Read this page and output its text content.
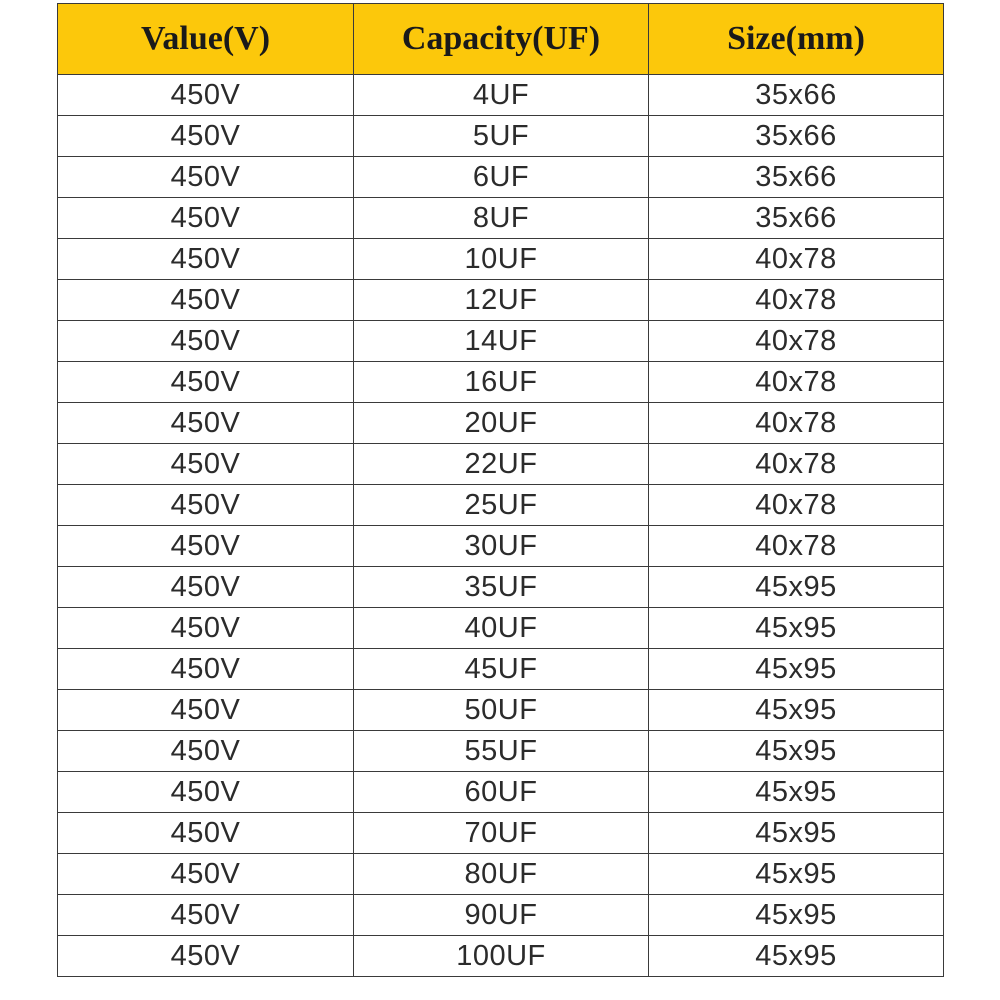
Value(V)	Capacity(UF)	Size(mm)
450V	4UF	35x66
450V	5UF	35x66
450V	6UF	35x66
450V	8UF	35x66
450V	10UF	40x78
450V	12UF	40x78
450V	14UF	40x78
450V	16UF	40x78
450V	20UF	40x78
450V	22UF	40x78
450V	25UF	40x78
450V	30UF	40x78
450V	35UF	45x95
450V	40UF	45x95
450V	45UF	45x95
450V	50UF	45x95
450V	55UF	45x95
450V	60UF	45x95
450V	70UF	45x95
450V	80UF	45x95
450V	90UF	45x95
450V	100UF	45x95
